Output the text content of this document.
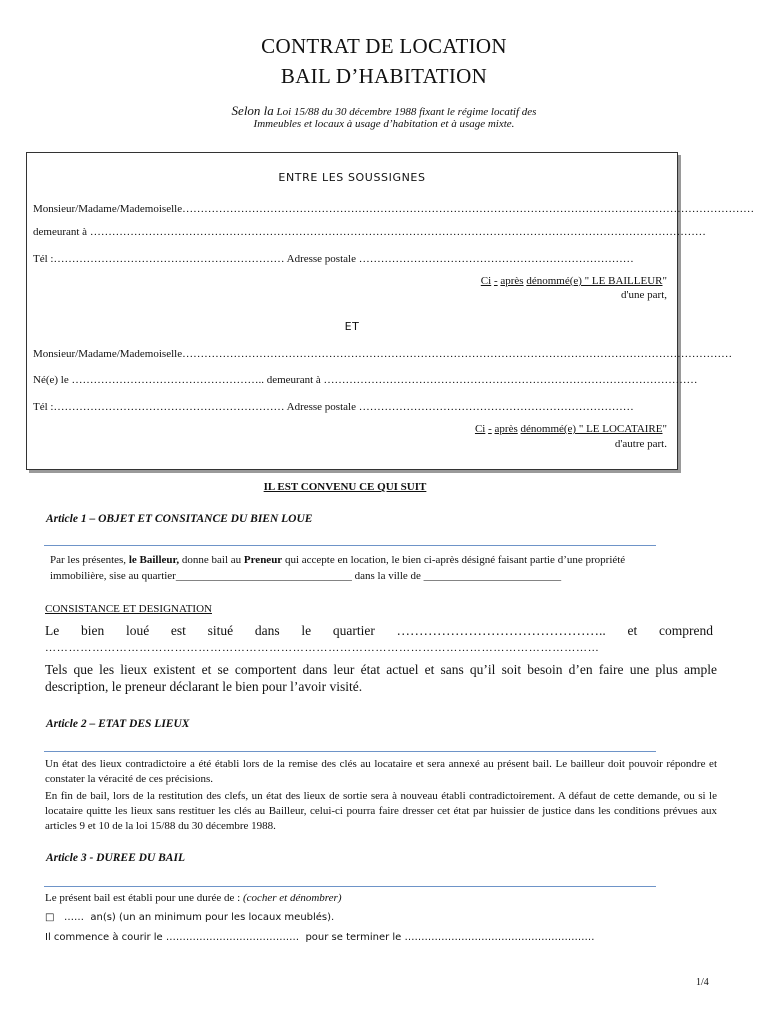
CONTRAT DE LOCATION
BAIL D’HABITATION
Selon la Loi 15/88 du 30 décembre 1988 fixant le régime locatif des
Immeubles et locaux à usage d’habitation et à usage mixte.
ENTRE LES SOUSSIGNES
Monsieur/Madame/Mademoiselle…………………………………………………………………………………………………………………………………………
demeurant à ……………………………………………………………………………………………………………………………………………………
Tél :……………………………………………………… Adresse postale …………………………………………………………………
Ci - après dénommé(e) " LE BAILLEUR"
d'une part,
ET
Monsieur/Madame/Mademoiselle……………………………………………………………………………………………………………………………………
Né(e) le …………………………………………….. demeurant à …………………………………………………………………………………………
Tél :……………………………………………………… Adresse postale …………………………………………………………………
Ci - après dénommé(e) " LE LOCATAIRE"
d'autre part.
IL EST CONVENU CE QUI SUIT
Article 1 – OBJET ET CONSITANCE DU BIEN LOUE
Par les présentes, le Bailleur, donne bail au Preneur qui accepte en location, le bien ci-après désigné faisant partie d’une propriété
immobilière, sise au quartier________________________________ dans la ville de _________________________
CONSISTANCE ET DESIGNATION
Le bien loué est situé dans le quartier ……………………………………….. et comprend
……………………………………………………………………………………………………………………………
Tels que les lieux existent et se comportent dans leur état actuel et sans qu’il soit besoin d’en faire une plus ample description, le preneur déclarant le bien pour l’avoir visité.
Article 2 – ETAT DES LIEUX
Un état des lieux contradictoire a été établi lors de la remise des clés au locataire et sera annexé au présent bail. Le bailleur doit pouvoir répondre et constater la véracité de ces précisions.
En fin de bail, lors de la restitution des clefs, un état des lieux de sortie sera à nouveau établi contradictoirement. A défaut de cette demande, ou si le locataire quitte les lieux sans restituer les clés au Bailleur, celui-ci pourra faire dresser cet état par huissier de justice dans les conditions prévues aux articles 9 et 10 de la loi 15/88 du 30 décembre 1988.
Article 3 - DUREE DU BAIL
Le présent bail est établi pour une durée de : (cocher et dénombrer)
□ …… an(s) (un an minimum pour les locaux meublés).
Il commence à courir le ……………………………….… pour se terminer le …………………………………………………
1/4
